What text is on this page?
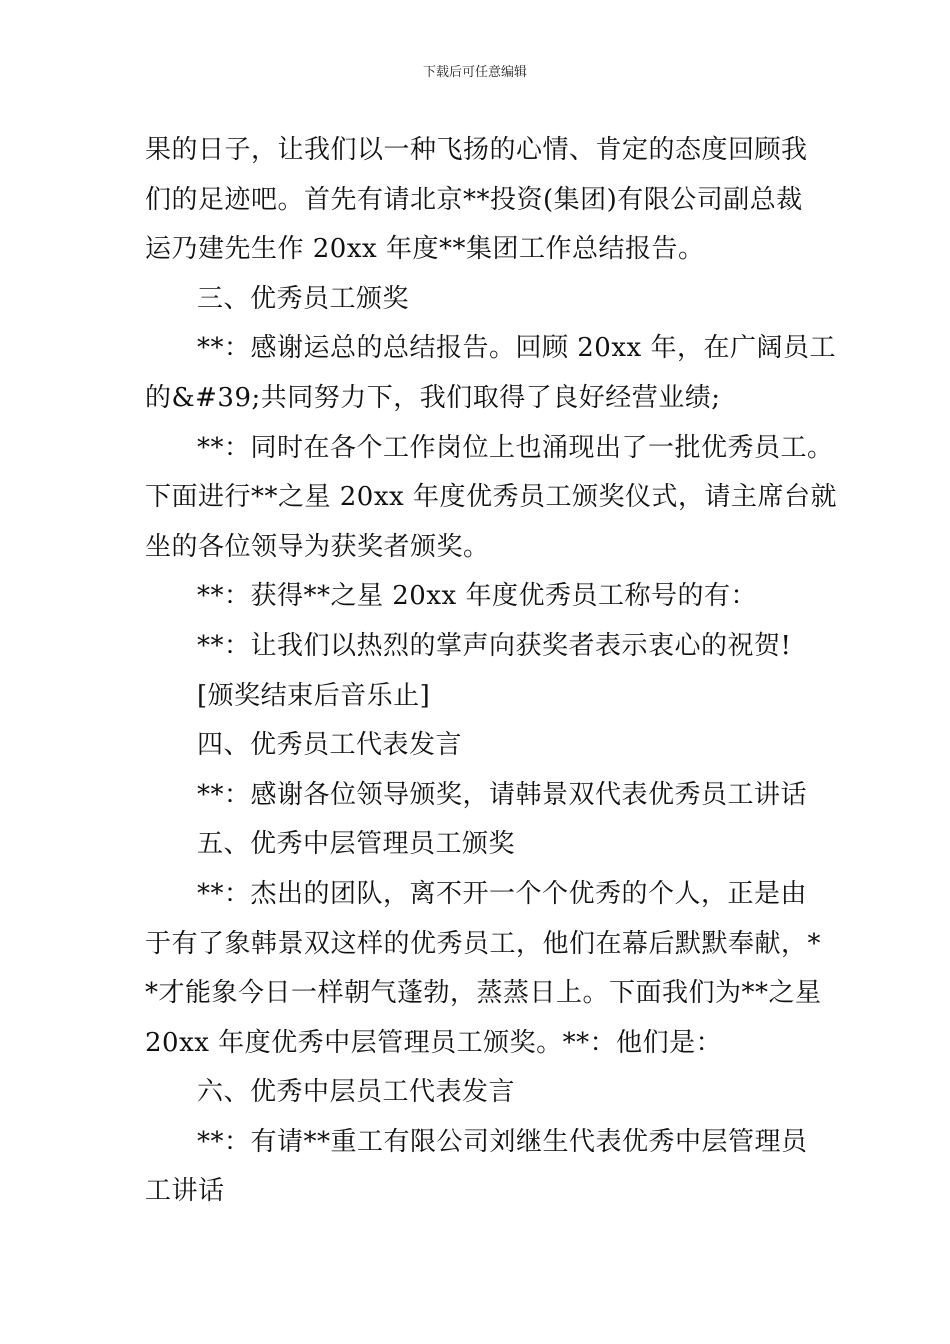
下载后可任意编辑

果的日子，让我们以一种飞扬的心情、肯定的态度回顾我

们的足迹吧。首先有请北京**投资(集团)有限公司副总裁

运乃建先生作 20xx 年度**集团工作总结报告。

三、优秀员工颁奖

**：感谢运总的总结报告。回顾 20xx 年，在广阔员工

的&#39;共同努力下，我们取得了良好经营业绩;

**：同时在各个工作岗位上也涌现出了一批优秀员工。

下面进行**之星 20xx 年度优秀员工颁奖仪式，请主席台就

坐的各位领导为获奖者颁奖。

**：获得**之星 20xx 年度优秀员工称号的有：

**：让我们以热烈的掌声向获奖者表示衷心的祝贺!

[颁奖结束后音乐止]

四、优秀员工代表发言

**：感谢各位领导颁奖，请韩景双代表优秀员工讲话

五、优秀中层管理员工颁奖

**：杰出的团队，离不开一个个优秀的个人，正是由

于有了象韩景双这样的优秀员工，他们在幕后默默奉献，*

*才能象今日一样朝气蓬勃，蒸蒸日上。下面我们为**之星

20xx 年度优秀中层管理员工颁奖。**：他们是：

六、优秀中层员工代表发言

**：有请**重工有限公司刘继生代表优秀中层管理员

工讲话
